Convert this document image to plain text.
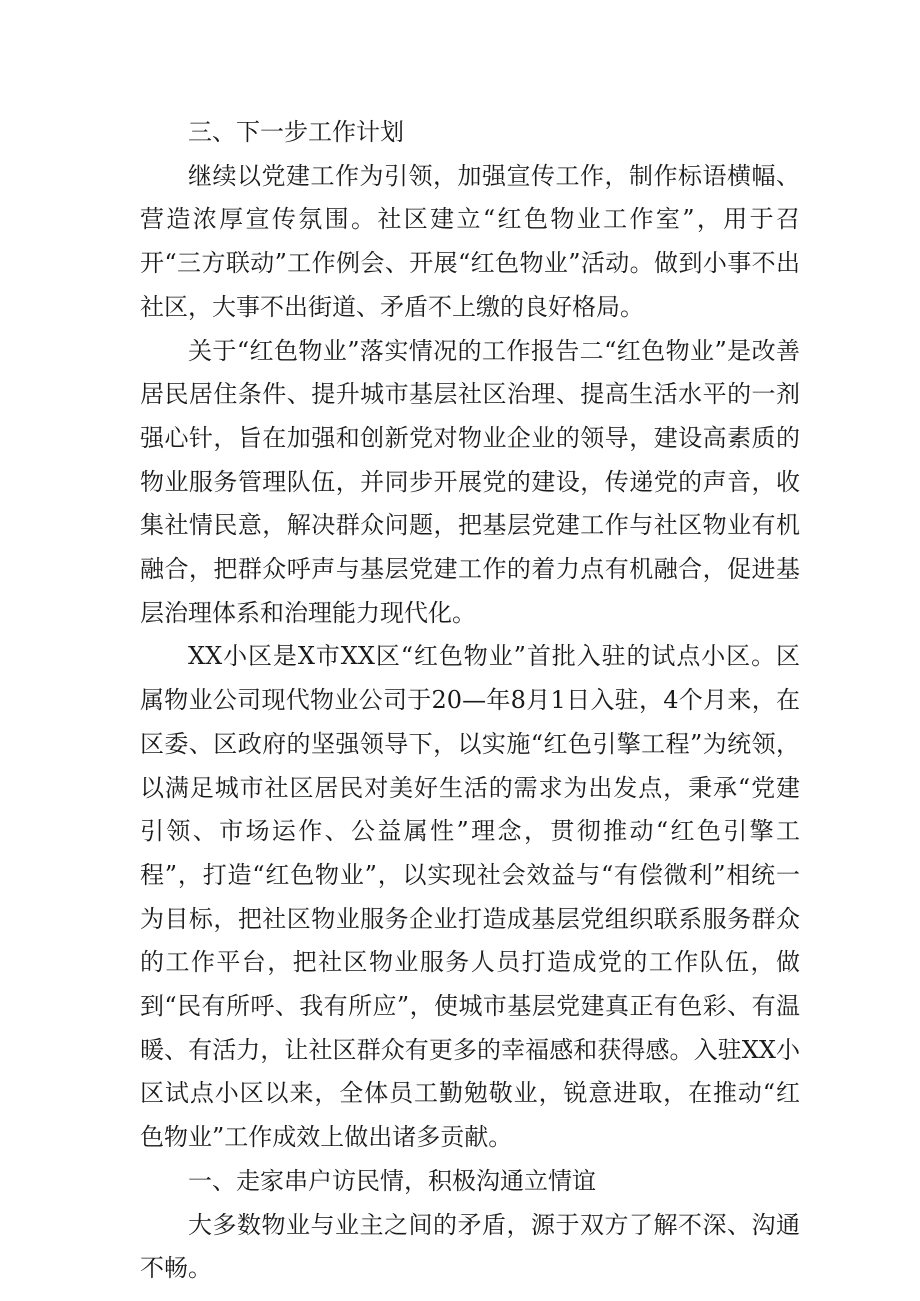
三、下一步工作计划

继续以党建工作为引领，加强宣传工作，制作标语横幅、营造浓厚宣传氛围。社区建立“红色物业工作室”，用于召开“三方联动”工作例会、开展“红色物业”活动。做到小事不出社区，大事不出街道、矛盾不上缴的良好格局。

关于“红色物业”落实情况的工作报告二“红色物业”是改善居民居住条件、提升城市基层社区治理、提高生活水平的一剂强心针，旨在加强和创新党对物业企业的领导，建设高素质的物业服务管理队伍，并同步开展党的建设，传递党的声音，收集社情民意，解决群众问题，把基层党建工作与社区物业有机融合，把群众呼声与基层党建工作的着力点有机融合，促进基层治理体系和治理能力现代化。

XX小区是X市XX区“红色物业”首批入驻的试点小区。区属物业公司现代物业公司于20—年8月1日入驻，4个月来，在区委、区政府的坚强领导下，以实施“红色引擎工程”为统领，以满足城市社区居民对美好生活的需求为出发点，秉承“党建引领、市场运作、公益属性”理念，贯彻推动“红色引擎工程”，打造“红色物业”，以实现社会效益与“有偿微利”相统一为目标，把社区物业服务企业打造成基层党组织联系服务群众的工作平台，把社区物业服务人员打造成党的工作队伍，做到“民有所呼、我有所应”，使城市基层党建真正有色彩、有温暖、有活力，让社区群众有更多的幸福感和获得感。入驻XX小区试点小区以来，全体员工勤勉敬业，锐意进取，在推动“红色物业”工作成效上做出诸多贡献。

一、走家串户访民情，积极沟通立情谊

大多数物业与业主之间的矛盾，源于双方了解不深、沟通不畅。
